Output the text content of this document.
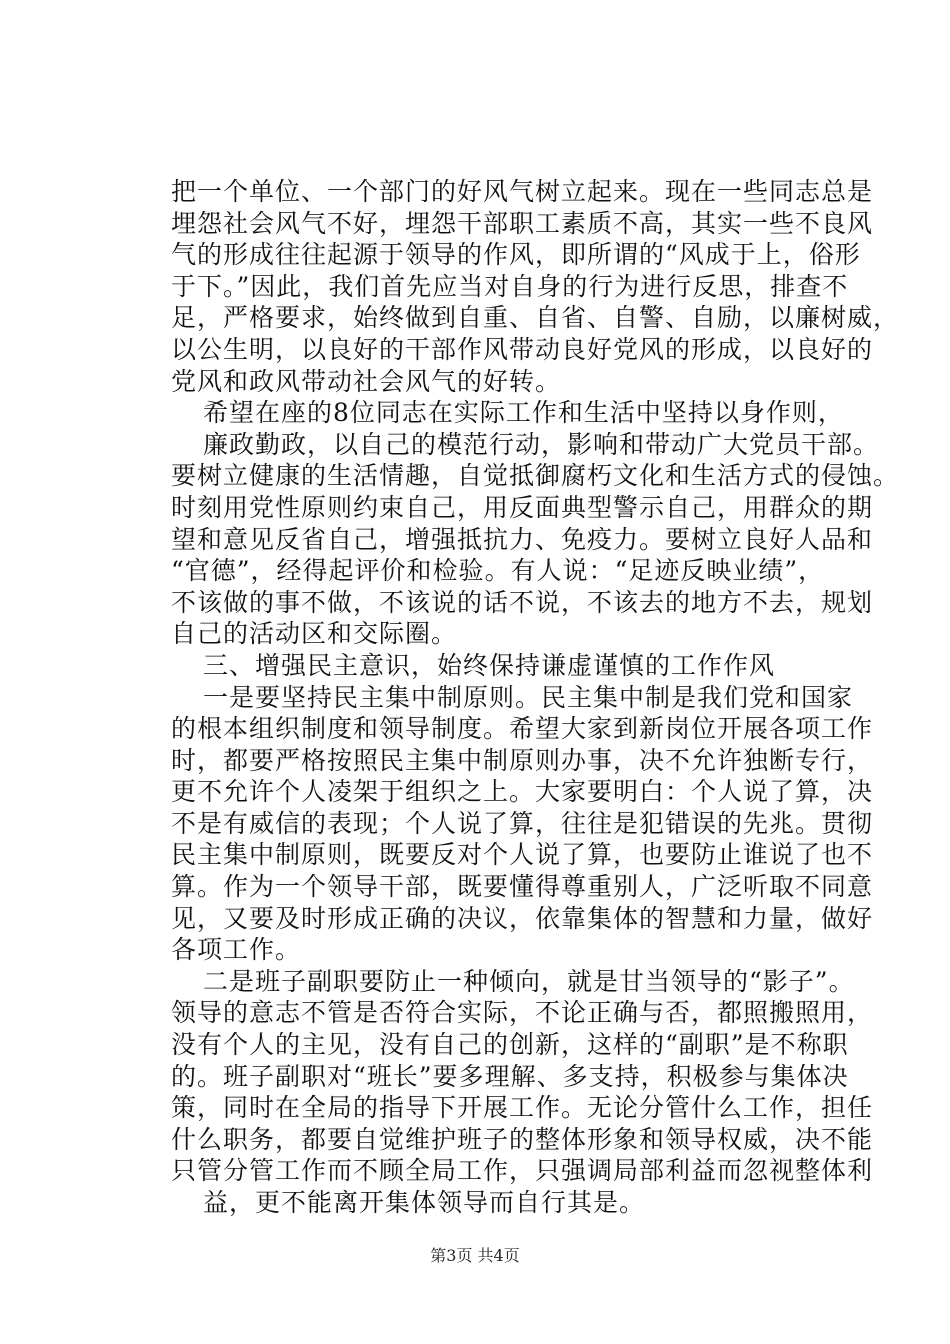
把一个单位、一个部门的好风气树立起来。现在一些同志总是
埋怨社会风气不好，埋怨干部职工素质不高，其实一些不良风
气的形成往往起源于领导的作风，即所谓的“风成于上，俗形
于下。”因此，我们首先应当对自身的行为进行反思，排查不
足，严格要求，始终做到自重、自省、自警、自励，以廉树威，
以公生明，以良好的干部作风带动良好党风的形成，以良好的
党风和政风带动社会风气的好转。
希望在座的8位同志在实际工作和生活中坚持以身作则，
廉政勤政，以自己的模范行动，影响和带动广大党员干部。
要树立健康的生活情趣，自觉抵御腐朽文化和生活方式的侵蚀。
时刻用党性原则约束自己，用反面典型警示自己，用群众的期
望和意见反省自己，增强抵抗力、免疫力。要树立良好人品和
“官德”，经得起评价和检验。有人说：“足迹反映业绩”，
不该做的事不做，不该说的话不说，不该去的地方不去，规划
自己的活动区和交际圈。
三、增强民主意识，始终保持谦虚谨慎的工作作风
一是要坚持民主集中制原则。民主集中制是我们党和国家
的根本组织制度和领导制度。希望大家到新岗位开展各项工作
时，都要严格按照民主集中制原则办事，决不允许独断专行，
更不允许个人凌架于组织之上。大家要明白：个人说了算，决
不是有威信的表现；个人说了算，往往是犯错误的先兆。贯彻
民主集中制原则，既要反对个人说了算，也要防止谁说了也不
算。作为一个领导干部，既要懂得尊重别人，广泛听取不同意
见，又要及时形成正确的决议，依靠集体的智慧和力量，做好
各项工作。
二是班子副职要防止一种倾向，就是甘当领导的“影子”。
领导的意志不管是否符合实际，不论正确与否，都照搬照用，
没有个人的主见，没有自己的创新，这样的“副职”是不称职
的。班子副职对“班长”要多理解、多支持，积极参与集体决
策，同时在全局的指导下开展工作。无论分管什么工作，担任
什么职务，都要自觉维护班子的整体形象和领导权威，决不能
只管分管工作而不顾全局工作，只强调局部利益而忽视整体利
益，更不能离开集体领导而自行其是。
第3页 共4页
